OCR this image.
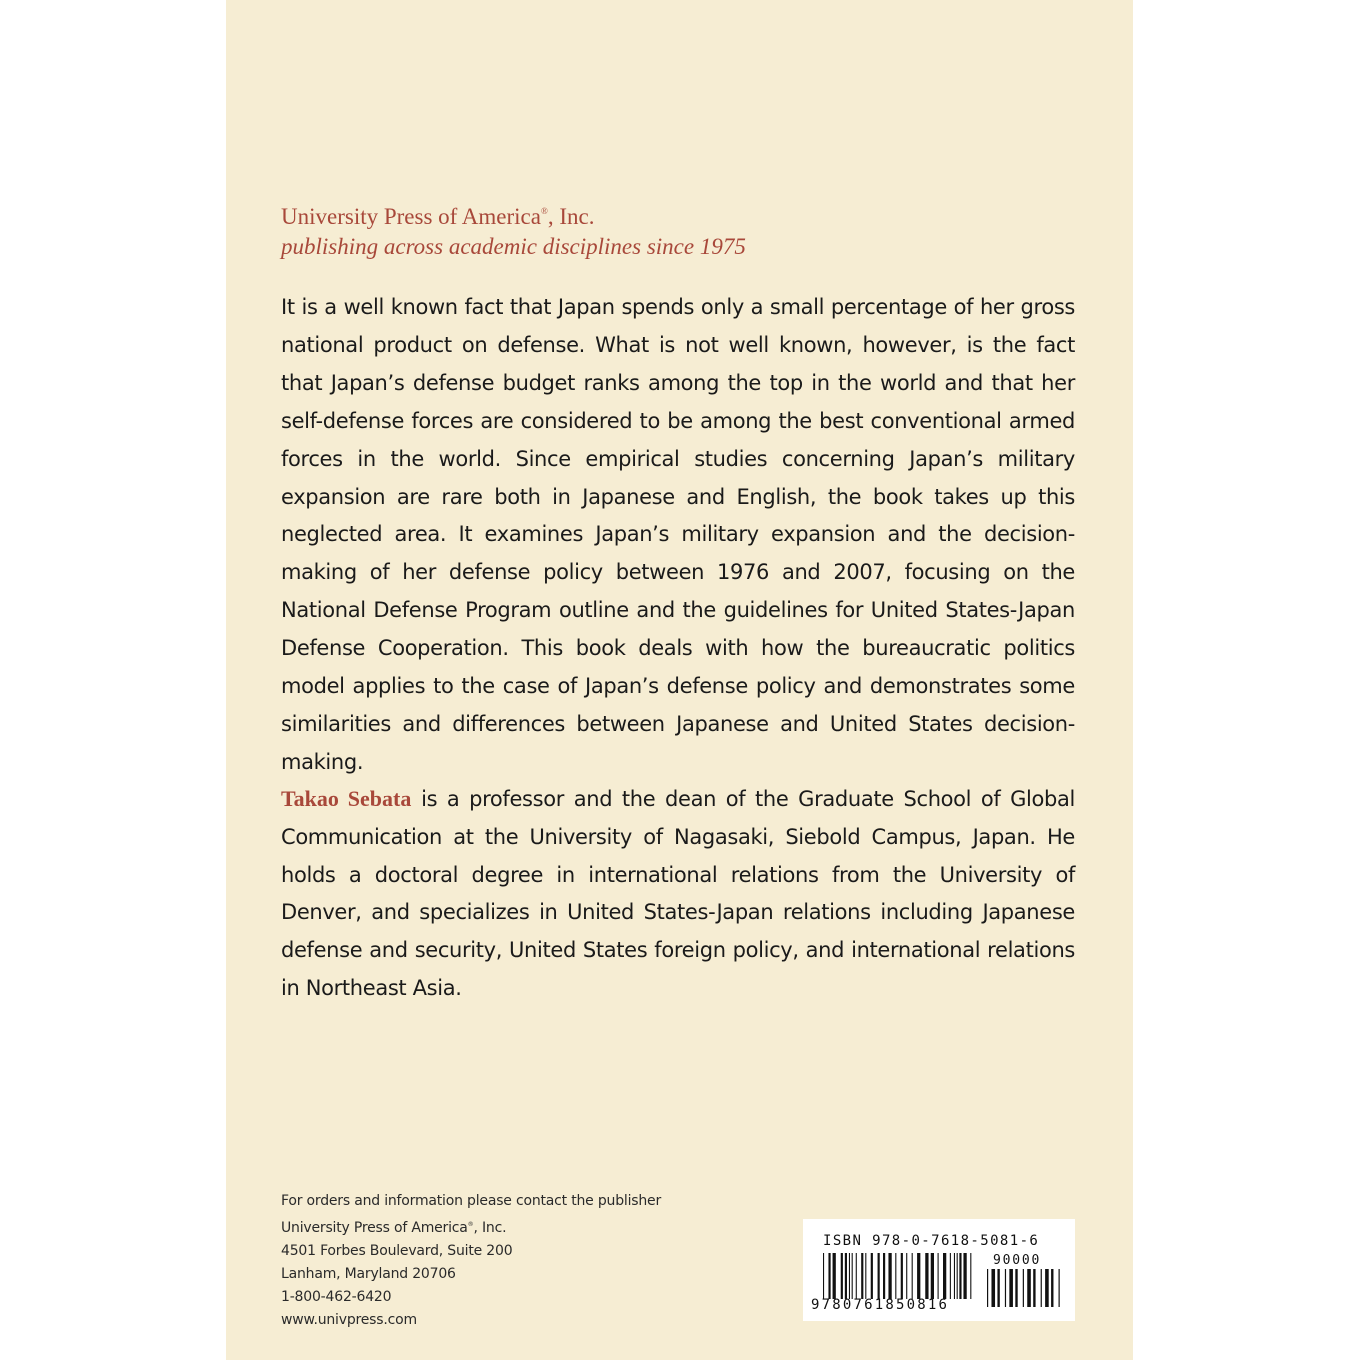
University Press of America®, Inc.
publishing across academic disciplines since 1975

It is a well known fact that Japan spends only a small percentage of her gross national product on defense. What is not well known, however, is the fact that Japan’s defense budget ranks among the top in the world and that her self-defense forces are considered to be among the best conventional armed forces in the world. Since empirical studies concerning Japan’s military expansion are rare both in Japanese and English, the book takes up this neglected area. It examines Japan’s military expansion and the decision-making of her defense policy between 1976 and 2007, focusing on the National Defense Program outline and the guidelines for United States-Japan Defense Cooperation. This book deals with how the bureaucratic politics model applies to the case of Japan’s defense policy and demonstrates some similarities and differences between Japanese and United States decision-making.

Takao Sebata is a professor and the dean of the Graduate School of Global Communication at the University of Nagasaki, Siebold Campus, Japan. He holds a doctoral degree in international relations from the University of Denver, and specializes in United States-Japan relations including Japanese defense and security, United States foreign policy, and international relations in Northeast Asia.

For orders and information please contact the publisher
University Press of America®, Inc.
4501 Forbes Boulevard, Suite 200
Lanham, Maryland 20706
1-800-462-6420
www.univpress.com
ISBN 978-0-7618-5081-6
90000
9780761850816
